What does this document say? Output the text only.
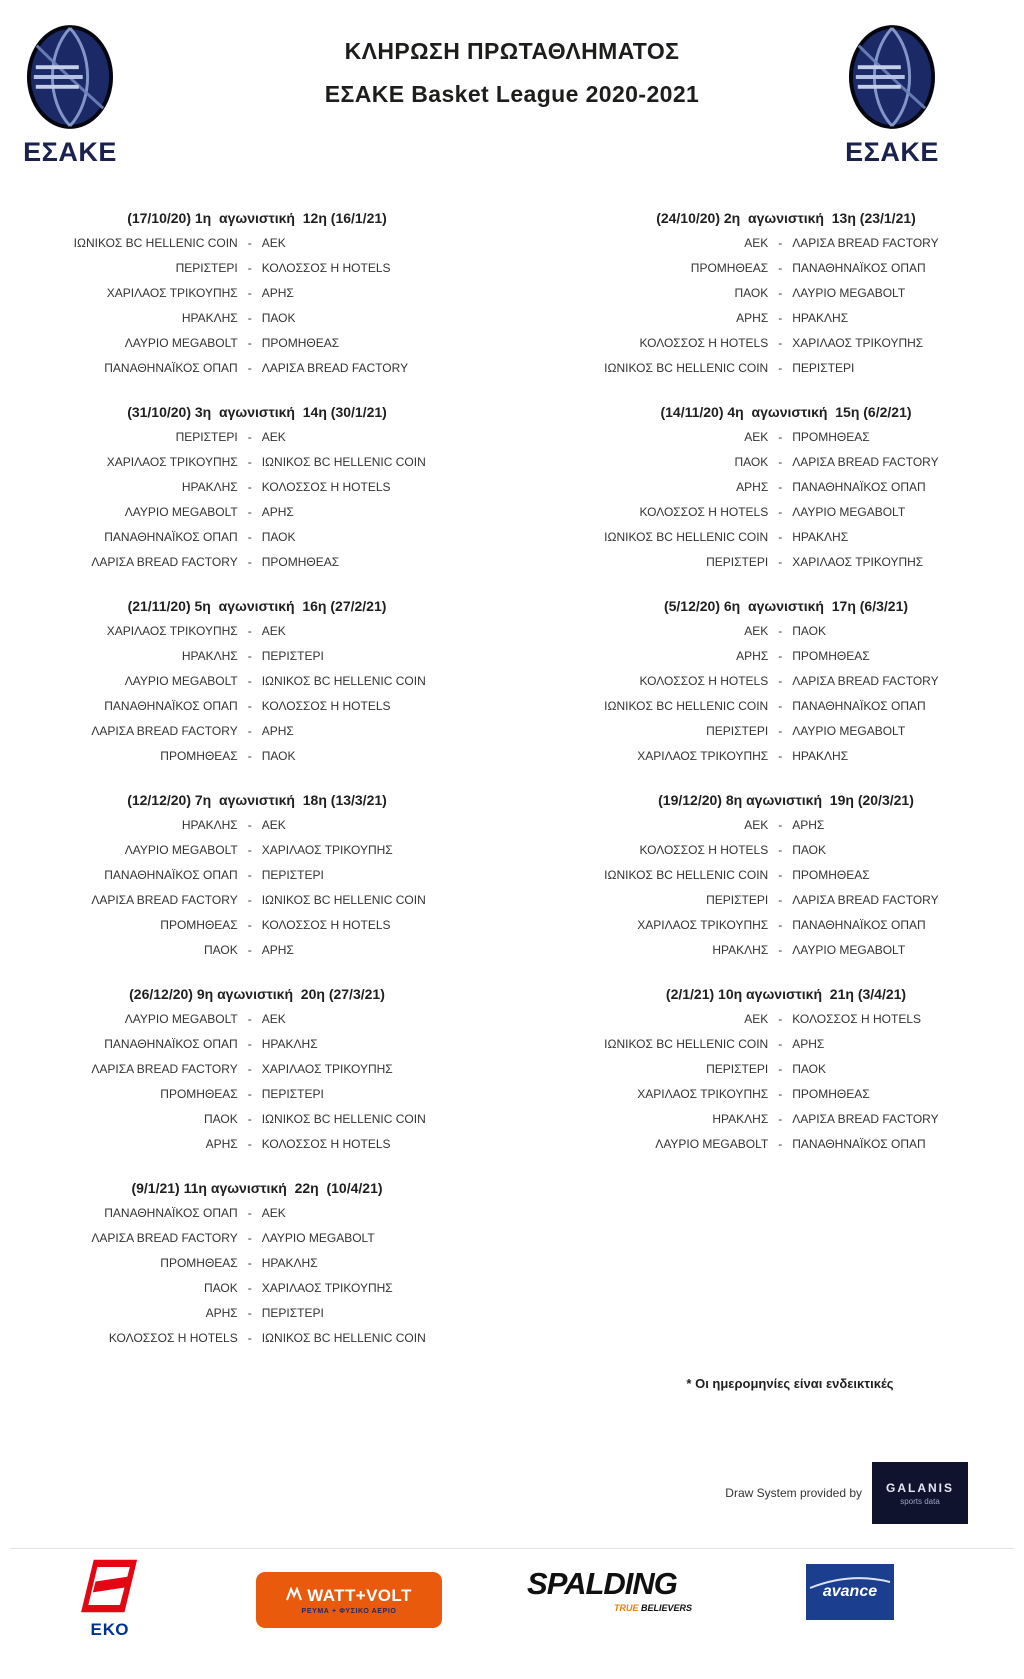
ΕΣΑΚΕ
ΚΛΗΡΩΣΗ ΠΡΩΤΑΘΛΗΜΑΤΟΣ
ΕΣΑΚΕ Basket League 2020-2021
ΕΣΑΚΕ
(17/10/20) 1η  αγωνιστική  12η (16/1/21)
ΙΩΝΙΚΟΣ BC HELLENIC COIN - ΑΕΚ
ΠΕΡΙΣΤΕΡΙ - ΚΟΛΟΣΣΟΣ H HOTELS
ΧΑΡΙΛΑΟΣ ΤΡΙΚΟΥΠΗΣ - ΑΡΗΣ
ΗΡΑΚΛΗΣ - ΠΑΟΚ
ΛΑΥΡΙΟ MEGABOLT - ΠΡΟΜΗΘΕΑΣ
ΠΑΝΑΘΗΝΑΪΚΟΣ ΟΠΑΠ - ΛΑΡΙΣΑ BREAD FACTORY
(31/10/20) 3η  αγωνιστική  14η (30/1/21)
ΠΕΡΙΣΤΕΡΙ - ΑΕΚ
ΧΑΡΙΛΑΟΣ ΤΡΙΚΟΥΠΗΣ - ΙΩΝΙΚΟΣ BC HELLENIC COIN
ΗΡΑΚΛΗΣ - ΚΟΛΟΣΣΟΣ H HOTELS
ΛΑΥΡΙΟ MEGABOLT - ΑΡΗΣ
ΠΑΝΑΘΗΝΑΪΚΟΣ ΟΠΑΠ - ΠΑΟΚ
ΛΑΡΙΣΑ BREAD FACTORY - ΠΡΟΜΗΘΕΑΣ
(21/11/20) 5η  αγωνιστική  16η (27/2/21)
ΧΑΡΙΛΑΟΣ ΤΡΙΚΟΥΠΗΣ - ΑΕΚ
ΗΡΑΚΛΗΣ - ΠΕΡΙΣΤΕΡΙ
ΛΑΥΡΙΟ MEGABOLT - ΙΩΝΙΚΟΣ BC HELLENIC COIN
ΠΑΝΑΘΗΝΑΪΚΟΣ ΟΠΑΠ - ΚΟΛΟΣΣΟΣ H HOTELS
ΛΑΡΙΣΑ BREAD FACTORY - ΑΡΗΣ
ΠΡΟΜΗΘΕΑΣ - ΠΑΟΚ
(12/12/20) 7η  αγωνιστική  18η (13/3/21)
ΗΡΑΚΛΗΣ - ΑΕΚ
ΛΑΥΡΙΟ MEGABOLT - ΧΑΡΙΛΑΟΣ ΤΡΙΚΟΥΠΗΣ
ΠΑΝΑΘΗΝΑΪΚΟΣ ΟΠΑΠ - ΠΕΡΙΣΤΕΡΙ
ΛΑΡΙΣΑ BREAD FACTORY - ΙΩΝΙΚΟΣ BC HELLENIC COIN
ΠΡΟΜΗΘΕΑΣ - ΚΟΛΟΣΣΟΣ H HOTELS
ΠΑΟΚ - ΑΡΗΣ
(26/12/20) 9η αγωνιστική  20η (27/3/21)
ΛΑΥΡΙΟ MEGABOLT - ΑΕΚ
ΠΑΝΑΘΗΝΑΪΚΟΣ ΟΠΑΠ - ΗΡΑΚΛΗΣ
ΛΑΡΙΣΑ BREAD FACTORY - ΧΑΡΙΛΑΟΣ ΤΡΙΚΟΥΠΗΣ
ΠΡΟΜΗΘΕΑΣ - ΠΕΡΙΣΤΕΡΙ
ΠΑΟΚ - ΙΩΝΙΚΟΣ BC HELLENIC COIN
ΑΡΗΣ - ΚΟΛΟΣΣΟΣ H HOTELS
(9/1/21) 11η αγωνιστική  22η  (10/4/21)
ΠΑΝΑΘΗΝΑΪΚΟΣ ΟΠΑΠ - ΑΕΚ
ΛΑΡΙΣΑ BREAD FACTORY - ΛΑΥΡΙΟ MEGABOLT
ΠΡΟΜΗΘΕΑΣ - ΗΡΑΚΛΗΣ
ΠΑΟΚ - ΧΑΡΙΛΑΟΣ ΤΡΙΚΟΥΠΗΣ
ΑΡΗΣ - ΠΕΡΙΣΤΕΡΙ
ΚΟΛΟΣΣΟΣ H HOTELS - ΙΩΝΙΚΟΣ BC HELLENIC COIN
(24/10/20) 2η  αγωνιστική  13η (23/1/21)
ΑΕΚ - ΛΑΡΙΣΑ BREAD FACTORY
ΠΡΟΜΗΘΕΑΣ - ΠΑΝΑΘΗΝΑΪΚΟΣ ΟΠΑΠ
ΠΑΟΚ - ΛΑΥΡΙΟ MEGABOLT
ΑΡΗΣ - ΗΡΑΚΛΗΣ
ΚΟΛΟΣΣΟΣ H HOTELS - ΧΑΡΙΛΑΟΣ ΤΡΙΚΟΥΠΗΣ
ΙΩΝΙΚΟΣ BC HELLENIC COIN - ΠΕΡΙΣΤΕΡΙ
(14/11/20) 4η  αγωνιστική  15η (6/2/21)
ΑΕΚ - ΠΡΟΜΗΘΕΑΣ
ΠΑΟΚ - ΛΑΡΙΣΑ BREAD FACTORY
ΑΡΗΣ - ΠΑΝΑΘΗΝΑΪΚΟΣ ΟΠΑΠ
ΚΟΛΟΣΣΟΣ H HOTELS - ΛΑΥΡΙΟ MEGABOLT
ΙΩΝΙΚΟΣ BC HELLENIC COIN - ΗΡΑΚΛΗΣ
ΠΕΡΙΣΤΕΡΙ - ΧΑΡΙΛΑΟΣ ΤΡΙΚΟΥΠΗΣ
(5/12/20) 6η  αγωνιστική  17η (6/3/21)
ΑΕΚ - ΠΑΟΚ
ΑΡΗΣ - ΠΡΟΜΗΘΕΑΣ
ΚΟΛΟΣΣΟΣ H HOTELS - ΛΑΡΙΣΑ BREAD FACTORY
ΙΩΝΙΚΟΣ BC HELLENIC COIN - ΠΑΝΑΘΗΝΑΪΚΟΣ ΟΠΑΠ
ΠΕΡΙΣΤΕΡΙ - ΛΑΥΡΙΟ MEGABOLT
ΧΑΡΙΛΑΟΣ ΤΡΙΚΟΥΠΗΣ - ΗΡΑΚΛΗΣ
(19/12/20) 8η αγωνιστική  19η (20/3/21)
ΑΕΚ - ΑΡΗΣ
ΚΟΛΟΣΣΟΣ H HOTELS - ΠΑΟΚ
ΙΩΝΙΚΟΣ BC HELLENIC COIN - ΠΡΟΜΗΘΕΑΣ
ΠΕΡΙΣΤΕΡΙ - ΛΑΡΙΣΑ BREAD FACTORY
ΧΑΡΙΛΑΟΣ ΤΡΙΚΟΥΠΗΣ - ΠΑΝΑΘΗΝΑΪΚΟΣ ΟΠΑΠ
ΗΡΑΚΛΗΣ - ΛΑΥΡΙΟ MEGABOLT
(2/1/21) 10η αγωνιστική  21η (3/4/21)
ΑΕΚ - ΚΟΛΟΣΣΟΣ H HOTELS
ΙΩΝΙΚΟΣ BC HELLENIC COIN - ΑΡΗΣ
ΠΕΡΙΣΤΕΡΙ - ΠΑΟΚ
ΧΑΡΙΛΑΟΣ ΤΡΙΚΟΥΠΗΣ - ΠΡΟΜΗΘΕΑΣ
ΗΡΑΚΛΗΣ - ΛΑΡΙΣΑ BREAD FACTORY
ΛΑΥΡΙΟ MEGABOLT - ΠΑΝΑΘΗΝΑΪΚΟΣ ΟΠΑΠ
* Οι ημερομηνίες είναι ενδεικτικές
Draw System provided by GALANIS
sports data
ΕΚΟ
WATT+VOLT
ΡΕΥΜΑ + ΦΥΣΙΚΟ ΑΕΡΙΟ
SPALDING
TRUE BELIEVERS
avance
